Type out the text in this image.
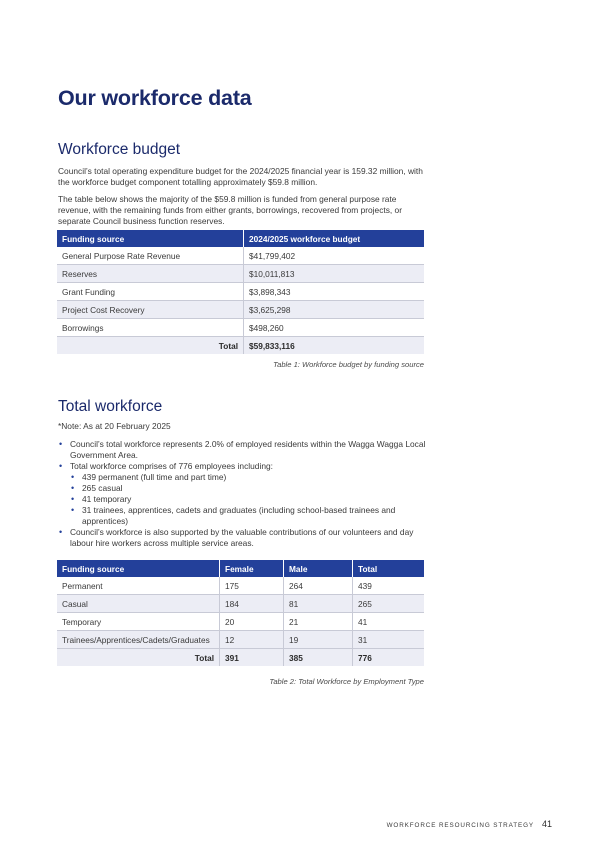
Our workforce data
Workforce budget

Council’s total operating expenditure budget for the 2024/2025 financial year is 159.32 million, with the workforce budget component totalling approximately $59.8 million.

The table below shows the majority of the $59.8 million is funded from general purpose rate revenue, with the remaining funds from either grants, borrowings, recovered from projects, or separate Council business function reserves.

Funding source	2024/2025 workforce budget
General Purpose Rate Revenue	$41,799,402
Reserves	$10,011,813
Grant Funding	$3,898,343
Project Cost Recovery	$3,625,298
Borrowings	$498,260
Total	$59,833,116

Table 1: Workforce budget by funding source

Total workforce

*Note: As at 20 February 2025

• Council’s total workforce represents 2.0% of employed residents within the Wagga Wagga Local Government Area.
• Total workforce comprises of 776 employees including:
• 439 permanent (full time and part time)
• 265 casual
• 41 temporary
• 31 trainees, apprentices, cadets and graduates (including school-based trainees and apprentices)
• Council’s workforce is also supported by the valuable contributions of our volunteers and day labour hire workers across multiple service areas.
Funding source	Female	Male	Total
Permanent	175	264	439
Casual	184	81	265
Temporary	20	21	41
Trainees/Apprentices/Cadets/Graduates	12	19	31
Total	391	385	776

Table 2: Total Workforce by Employment Type

WORKFORCE RESOURCING STRATEGY 41
